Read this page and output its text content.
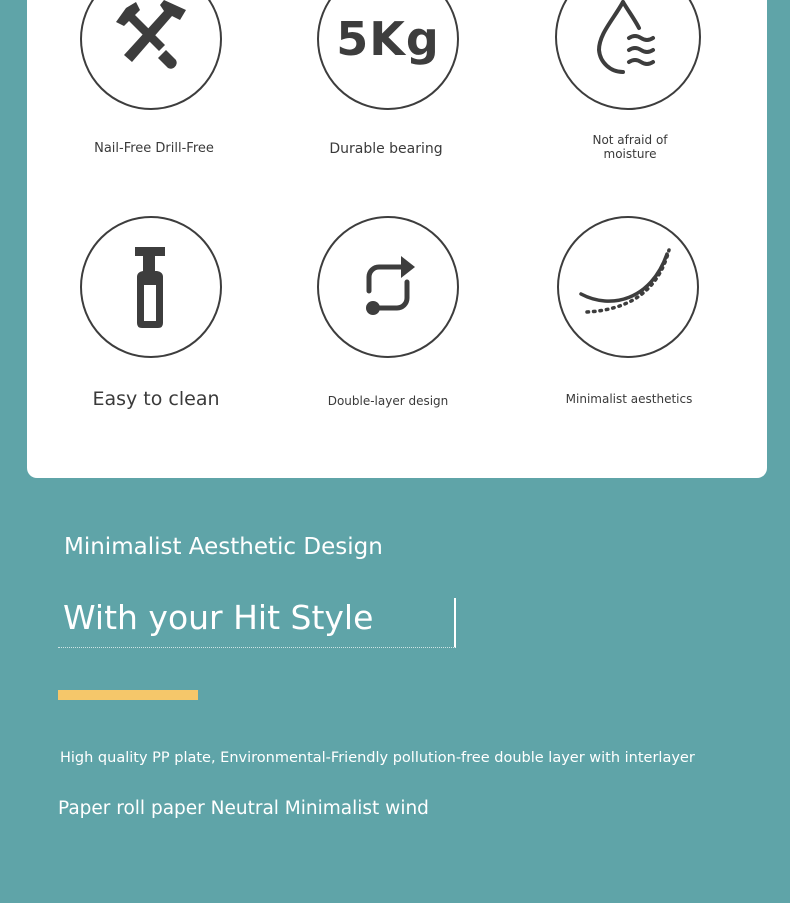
Nail-Free Drill-Free
5Kg
Durable bearing
Not afraid of
moisture
Easy to clean	Double-layer design	Minimalist aesthetics
Minimalist Aesthetic Design
With your Hit Style
High quality PP plate, Environmental-Friendly pollution-free double layer with interlayer
Paper roll paper Neutral Minimalist wind
